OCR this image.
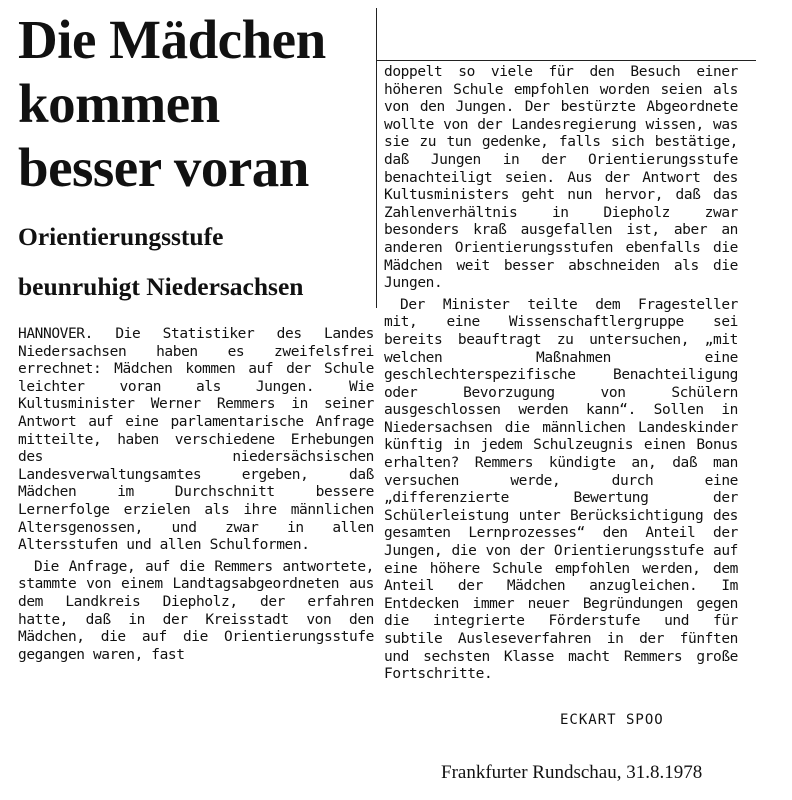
Die Mädchen
kommen
besser voran
Orientierungsstufe
beunruhigt Niedersachsen

HANNOVER. Die Statistiker des Landes Niedersachsen haben es zweifelsfrei errechnet: Mädchen kommen auf der Schule leichter voran als Jungen. Wie Kultusminister Werner Remmers in seiner Antwort auf eine parlamentarische Anfrage mitteilte, haben verschiedene Erhebungen des niedersächsischen Landesverwaltungsamtes ergeben, daß Mädchen im Durchschnitt bessere Lernerfolge erzielen als ihre männlichen Altersgenossen, und zwar in allen Altersstufen und allen Schulformen.

Die Anfrage, auf die Remmers antwortete, stammte von einem Landtagsabgeordneten aus dem Landkreis Diepholz, der erfahren hatte, daß in der Kreisstadt von den Mädchen, die auf die Orientierungsstufe gegangen waren, fast

doppelt so viele für den Besuch einer höheren Schule empfohlen worden seien als von den Jungen. Der bestürzte Abgeordnete wollte von der Landesregierung wissen, was sie zu tun gedenke, falls sich bestätige, daß Jungen in der Orientierungsstufe benachteiligt seien. Aus der Antwort des Kultusministers geht nun hervor, daß das Zahlenverhältnis in Diepholz zwar besonders kraß ausgefallen ist, aber an anderen Orientierungsstufen ebenfalls die Mädchen weit besser abschneiden als die Jungen.

Der Minister teilte dem Fragesteller mit, eine Wissenschaftlergruppe sei bereits beauftragt zu untersuchen, „mit welchen Maßnahmen eine geschlechterspezifische Benachteiligung oder Bevorzugung von Schülern ausgeschlossen werden kann“. Sollen in Niedersachsen die männlichen Landeskinder künftig in jedem Schulzeugnis einen Bonus erhalten? Remmers kündigte an, daß man versuchen werde, durch eine „differenzierte Bewertung der Schülerleistung unter Berücksichtigung des gesamten Lernprozesses“ den Anteil der Jungen, die von der Orientierungsstufe auf eine höhere Schule empfohlen werden, dem Anteil der Mädchen anzugleichen. Im Entdecken immer neuer Begründungen gegen die integrierte Förderstufe und für subtile Ausleseverfahren in der fünften und sechsten Klasse macht Remmers große Fortschritte.

ECKART SPOO
Frankfurter Rundschau, 31.8.1978
